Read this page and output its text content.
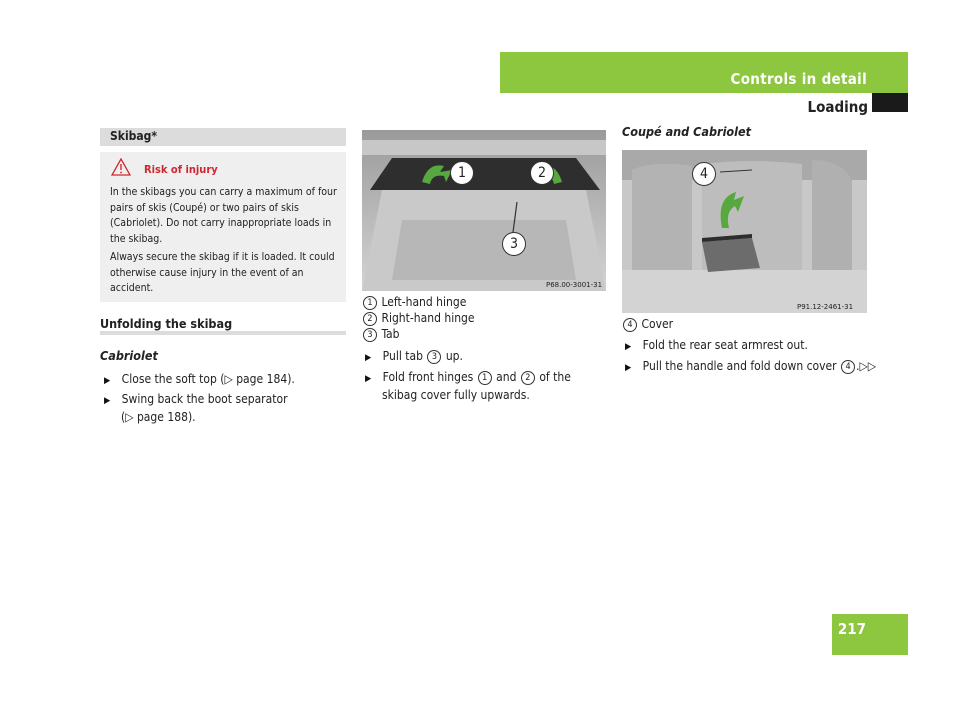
Controls in detail
Loading
217
Skibag*
Risk of injury
In the skibags you can carry a maximum of four pairs of skis (Coupé) or two pairs of skis (Cabriolet). Do not carry inappropriate loads in the skibag.
Always secure the skibag if it is loaded. It could otherwise cause injury in the event of an accident.
Unfolding the skibag
Cabriolet
▶ Close the soft top (▷ page 184).
▶ Swing back the boot separator
(▷ page 188).
P68.00-3001-31
1	2
3
1 Left-hand hinge
2 Right-hand hinge
3 Tab
▶ Pull tab 3 up.
▶ Fold front hinges 1 and 2 of the
skibag cover fully upwards.
Coupé and Cabriolet
P91.12-2461-31
4
4 Cover
▶ Fold the rear seat armrest out.
▶ Pull the handle and fold down cover 4 .▷▷
